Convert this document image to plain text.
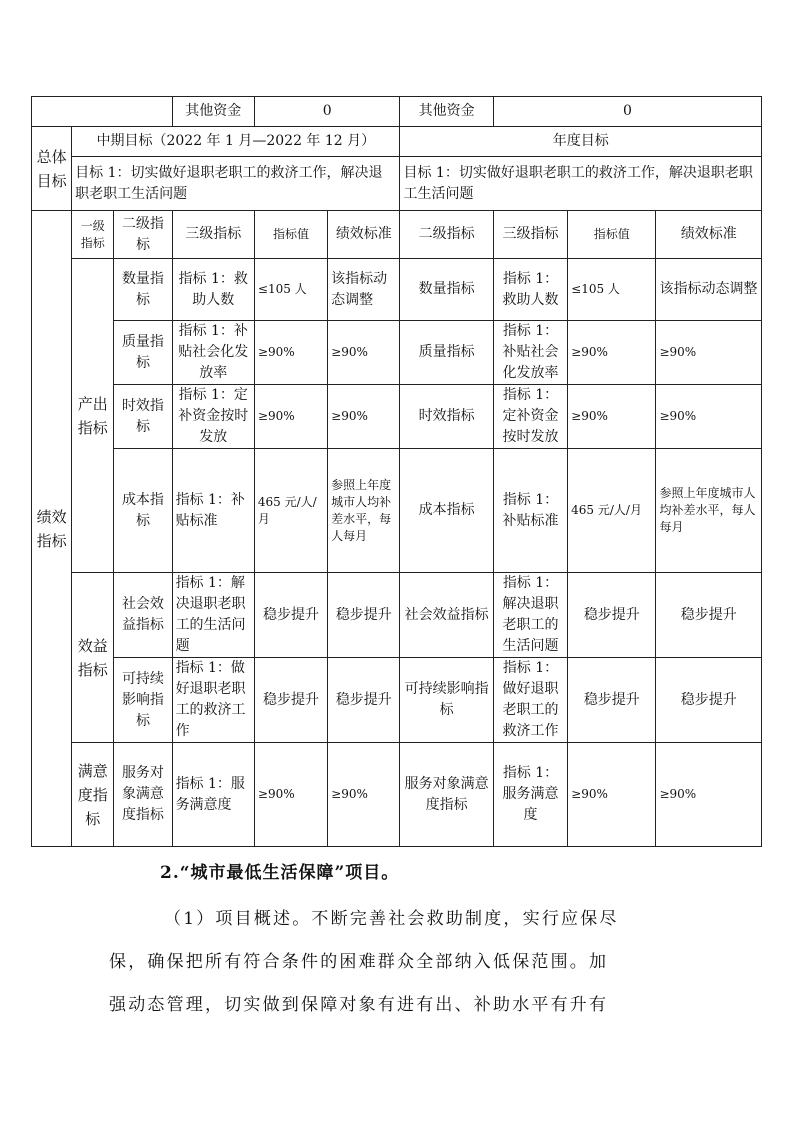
			其他资金	0		其他资金	0		
总体目标	中期目标（2022 年 1 月—2022 年 12 月）					年度目标			
	目标 1：切实做好退职老职工的救济工作，解决退职老职工生活问题					目标 1：切实做好退职老职工的救济工作，解决退职老职工生活问题			
绩效指标	一级指标	二级指标	三级指标	指标值	绩效标准	二级指标	三级指标	指标值	绩效标准
	产出指标	数量指标	指标 1：救助人数	≤105 人	该指标动态调整	数量指标	指标 1：救助人数	≤105 人	该指标动态调整
		质量指标	指标 1：补贴社会化发放率	≥90%	≥90%	质量指标	指标 1：补贴社会化发放率	≥90%	≥90%
		时效指标	指标 1：定补资金按时发放	≥90%	≥90%	时效指标	指标 1：定补资金按时发放	≥90%	≥90%
		成本指标	指标 1：补贴标准	465 元/人/月	参照上年度城市人均补差水平，每人每月	成本指标	指标 1：补贴标准	465 元/人/月	参照上年度城市人均补差水平，每人每月
	效益指标	社会效益指标	指标 1：解决退职老职工的生活问题	稳步提升	稳步提升	社会效益指标	指标 1：解决退职老职工的生活问题	稳步提升	稳步提升
		可持续影响指标	指标 1：做好退职老职工的救济工作	稳步提升	稳步提升	可持续影响指标	指标 1：做好退职老职工的救济工作	稳步提升	稳步提升
	满意度指标	服务对象满意度指标	指标 1：服务满意度	≥90%	≥90%	服务对象满意度指标	指标 1：服务满意度	≥90%	≥90%
2.“城市最低生活保障”项目。
（1）项目概述。不断完善社会救助制度，实行应保尽
保，确保把所有符合条件的困难群众全部纳入低保范围。加
强动态管理，切实做到保障对象有进有出、补助水平有升有
